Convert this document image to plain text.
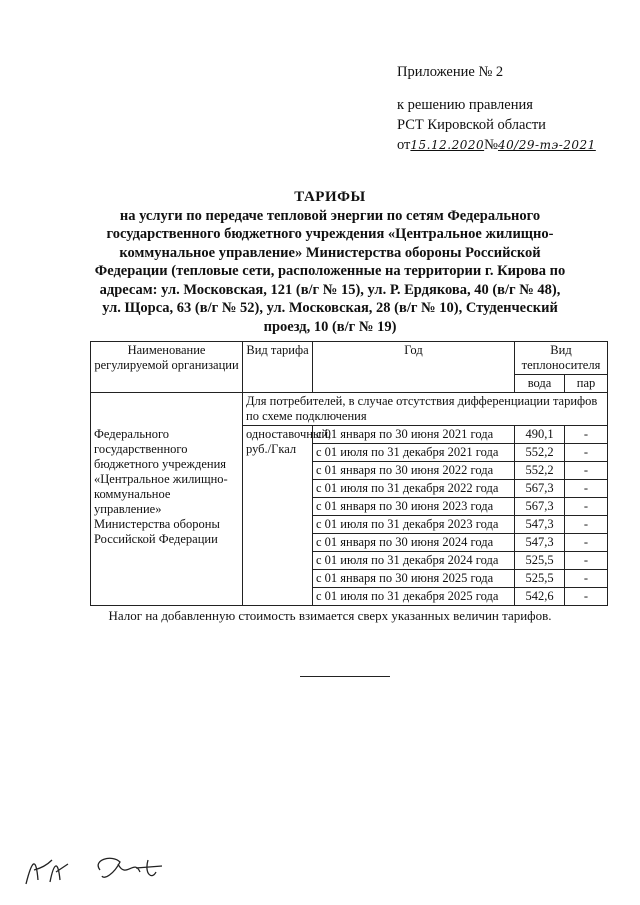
Приложение № 2
к решению правления
РСТ Кировской области
от15.12.2020№40/29-тэ-2021
ТАРИФЫ
на услуги по передаче тепловой энергии по сетям Федерального государственного бюджетного учреждения «Центральное жилищно-коммунальное управление» Министерства обороны Российской Федерации (тепловые сети, расположенные на территории г. Кирова по адресам: ул. Московская, 121 (в/г № 15), ул. Р. Ердякова, 40 (в/г № 48), ул. Щорса, 63 (в/г № 52), ул. Московская, 28 (в/г № 10), Студенческий проезд, 10 (в/г № 19)
Наименование регулируемой организации	Вид тарифа	Год	Вид теплоносителя	
			вода	пар
	Для потребителей, в случае отсутствия дифференциации тарифов по схеме подключения			
Федерального государственного бюджетного учреждения «Центральное жилищно-коммунальное управление» Министерства обороны Российской Федерации	одноставочный, руб./Гкал	с 01 января по 30 июня 2021 года	490,1	-
		с 01 июля по 31 декабря 2021 года	552,2	-
		с 01 января по 30 июня 2022 года	552,2	-
		с 01 июля по 31 декабря 2022 года	567,3	-
		с 01 января по 30 июня 2023 года	567,3	-
		с 01 июля по 31 декабря 2023 года	547,3	-
		с 01 января по 30 июня 2024 года	547,3	-
		с 01 июля по 31 декабря 2024 года	525,5	-
		с 01 января по 30 июня 2025 года	525,5	-
		с 01 июля по 31 декабря 2025 года	542,6	-
Налог на добавленную стоимость взимается сверх указанных величин тарифов.
